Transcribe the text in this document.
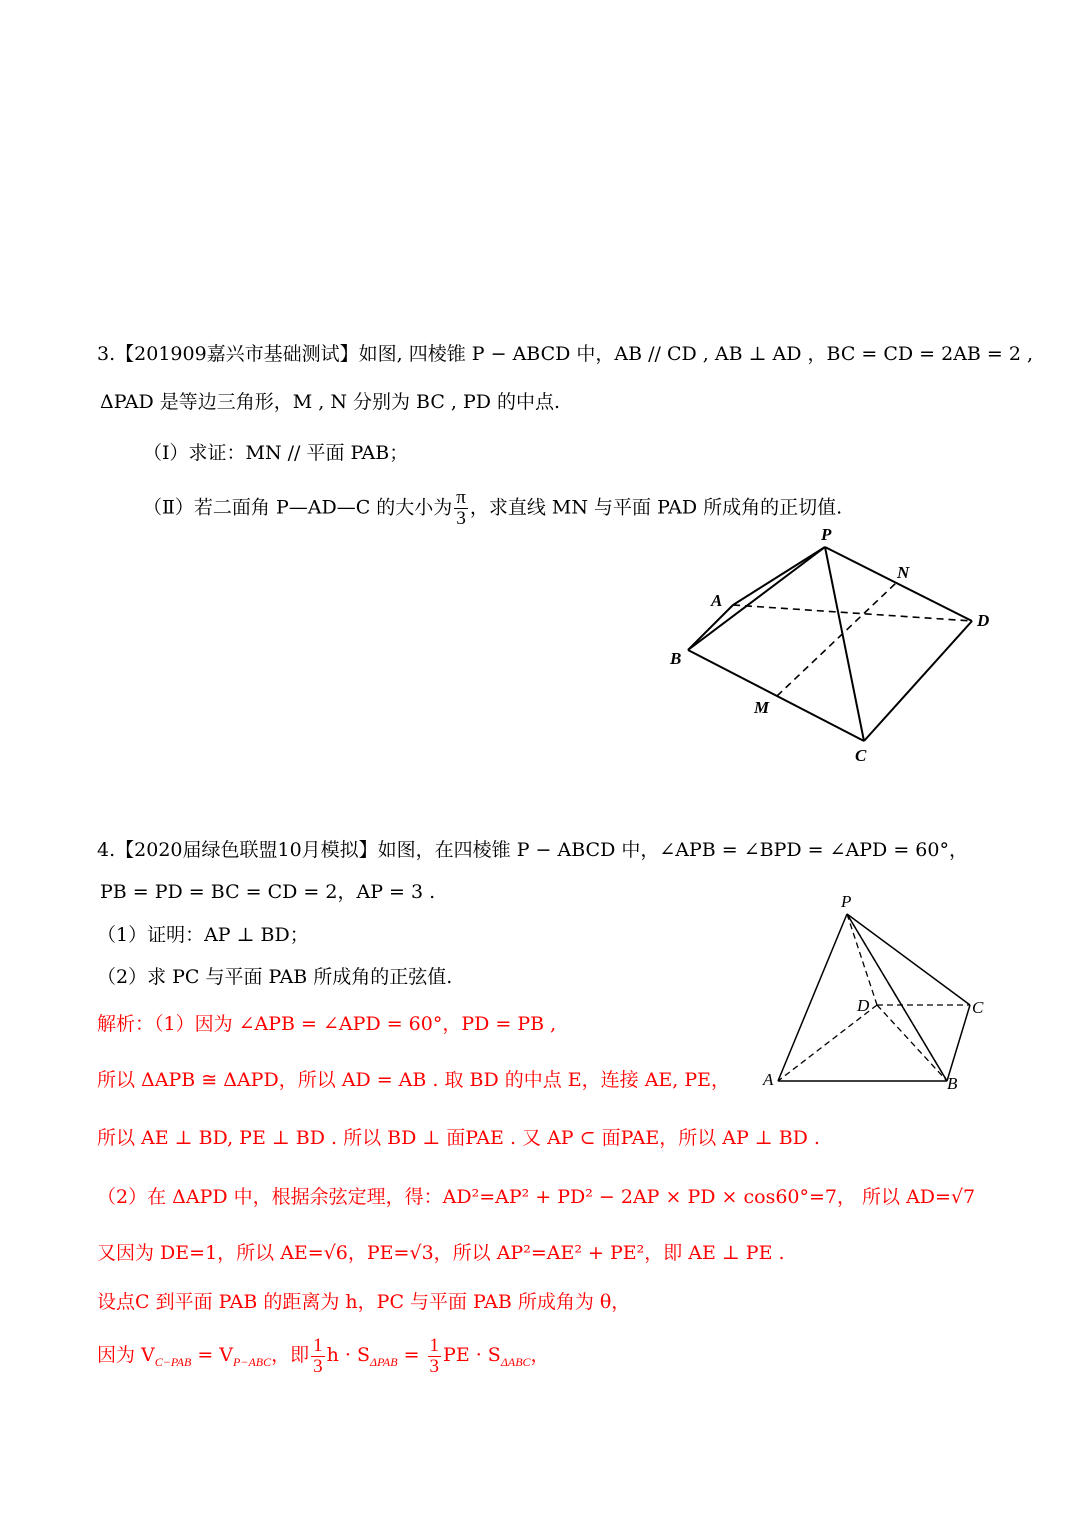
3.【201909嘉兴市基础测试】如图, 四棱锥 P − ABCD 中，AB // CD , AB ⊥ AD ，BC = CD = 2AB = 2 ,
ΔPAD 是等边三角形，M , N 分别为 BC , PD 的中点.
（Ⅰ）求证：MN // 平面 PAB；
（Ⅱ）若二面角 P—AD—C 的大小为 $\frac{\pi}{3}$ ，求直线 MN 与平面 PAD 所成角的正切值.
P
N
A
D
B
M
C
4.【2020届绿色联盟10月模拟】如图，在四棱锥 P − ABCD 中，∠APB = ∠BPD = ∠APD = 60°，
PB = PD = BC = CD = 2，AP = 3 .
（1）证明：AP ⊥ BD；
（2）求 PC 与平面 PAB 所成角的正弦值.
P
D	C
A	B
解析：（1）因为 ∠APB = ∠APD = 60°，PD = PB ,
所以 ΔAPB ≅ ΔAPD，所以 AD = AB . 取 BD 的中点 E，连接 AE, PE，
所以 AE ⊥ BD, PE ⊥ BD . 所以 BD ⊥ 面PAE . 又 AP ⊂ 面PAE，所以 AP ⊥ BD .
（2）在 ΔAPD 中，根据余弦定理，得：AD²=AP² + PD² − 2AP × PD × cos60°=7， 所以 AD=√7
又因为 DE=1，所以 AE=√6，PE=√3，所以 AP²=AE² + PE²，即 AE ⊥ PE .
设点C 到平面 PAB 的距离为 h，PC 与平面 PAB 所成角为 θ，
因为 $V_{C-PAB} = V_{P-ABC}$，即 $\frac{1}{3}$ $h \cdot S_{\Delta PAB} = \frac{1}{3}$ PE · $S_{\Delta ABC}$，
